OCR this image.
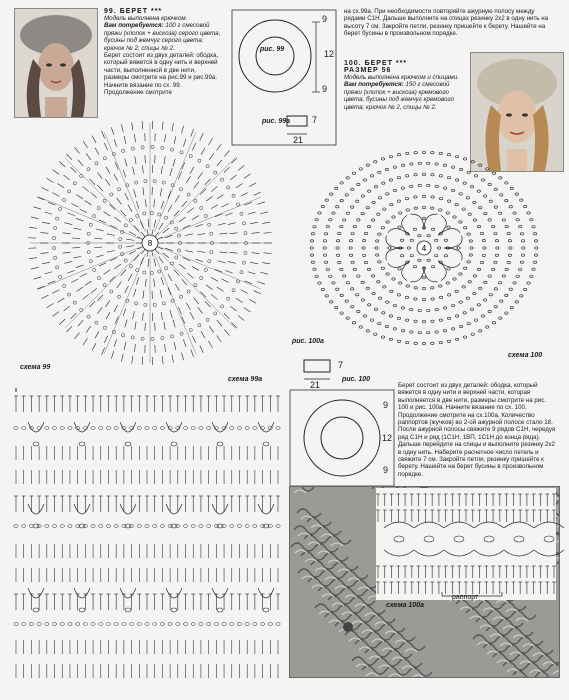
99. БЕРЕТ ***
Модель выполнена крючком.
Вам потребуется: 100 г смесовой пряжи (хлопок + вискоза) серого цвета, бусины под жемчуг серого цвета; крючок № 2; спицы № 2.
Берет состоит из двух деталей: ободка, который вяжется в одну нить и верхней части, выполненной в две нити, размеры смотрите на рис.99 и рис.99а. Начните вязание по сх. 99. Продолжение смотрите
рис. 99
9
12
9
7
21
рис. 99а
на сх.99а. При необходимости повторяйте ажурную полосу между рядами С1Н. Дальше выполните на спицах резинку 2х2 в одну нить на высоту 7 см. Закройте петли, резинку пришейте к берету. Нашейте на берет бусины в произвольном порядке.
100. БЕРЕТ ***
РАЗМЕР 56
Модель выполнена крючком и спицами.
Вам потребуется: 150 г смесовой пряжи (хлопок + вискоза) кремового цвета, бусины под жемчуг кремового цвета; крючок № 2, спицы № 2.
8
схема 99
4
схема 100
рис. 100а
7
21
рис. 100
9
12
9
Берет состоит из двух деталей: ободка, который вяжется в одну нити и верхней части, которая выполняется в две нити, размеры смотрите на рис. 100 и рис. 100а. Начните вязание по сх. 100. Продолжение смотрите на сх.100а. Количество раппортов (жучков) во 2-ой ажурной полосе стало 18. После ажурной полосы свяжите 9 рядов С1Н, чередуя ряд С1Н и ряд (1С1Н, 1ВП, 1С1Н до конца ряда). Дальше перейдите на спицы и выполните резинку 2х2 в одну нить. Наберите расчетное число петель и свяжите 7 см. Закройте петли, резинку пришейте к берету. Нашейте на берет бусины в произвольном порядке.
схема 99а
раппорт
схема 100а
